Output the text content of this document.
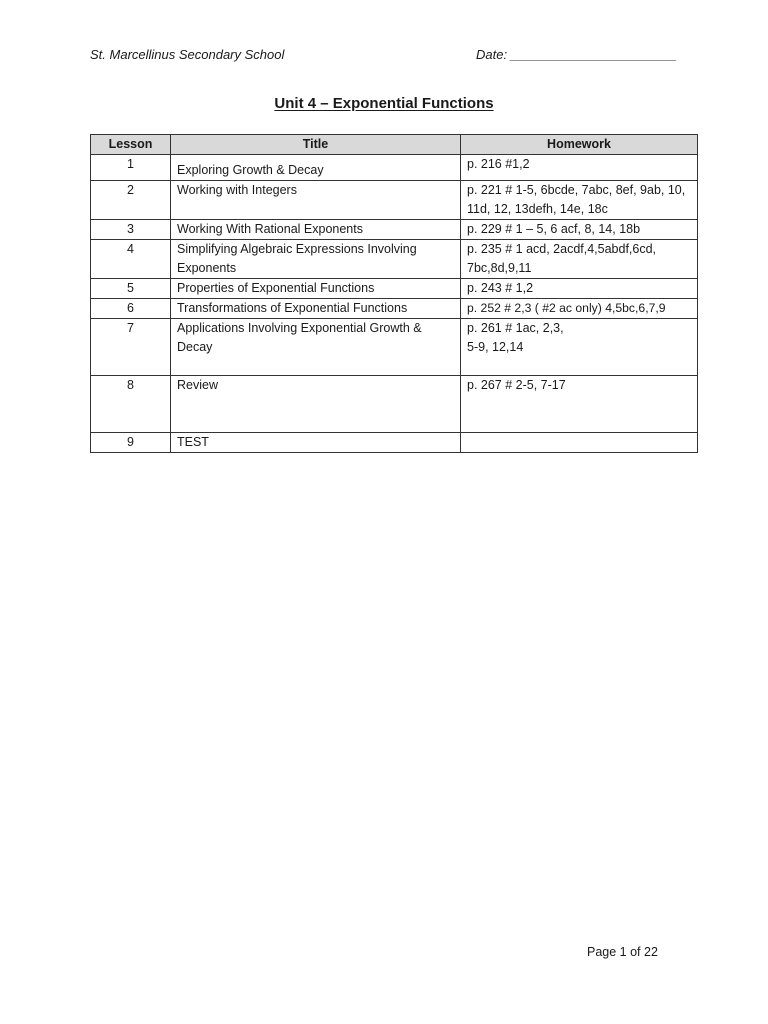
St. Marcellinus Secondary School	Date: _______________________
Unit 4 – Exponential Functions
Lesson	Title	Homework
1	Exploring Growth & Decay	p. 216 #1,2
2	Working with Integers	p. 221 # 1-5, 6bcde, 7abc, 8ef, 9ab, 10, 11d, 12, 13defh, 14e, 18c
3	Working With Rational Exponents	p. 229 # 1 – 5, 6 acf, 8, 14, 18b
4	Simplifying Algebraic Expressions Involving Exponents	p. 235 # 1 acd, 2acdf,4,5abdf,6cd, 7bc,8d,9,11
5	Properties of Exponential Functions	p. 243 # 1,2
6	Transformations of Exponential Functions	p. 252 # 2,3 ( #2 ac only) 4,5bc,6,7,9
7	Applications Involving Exponential Growth & Decay	p. 261 # 1ac, 2,3,
5-9, 12,14

8	Review	p. 267 # 2-5, 7-17
9	TEST	
Page 1 of 22
